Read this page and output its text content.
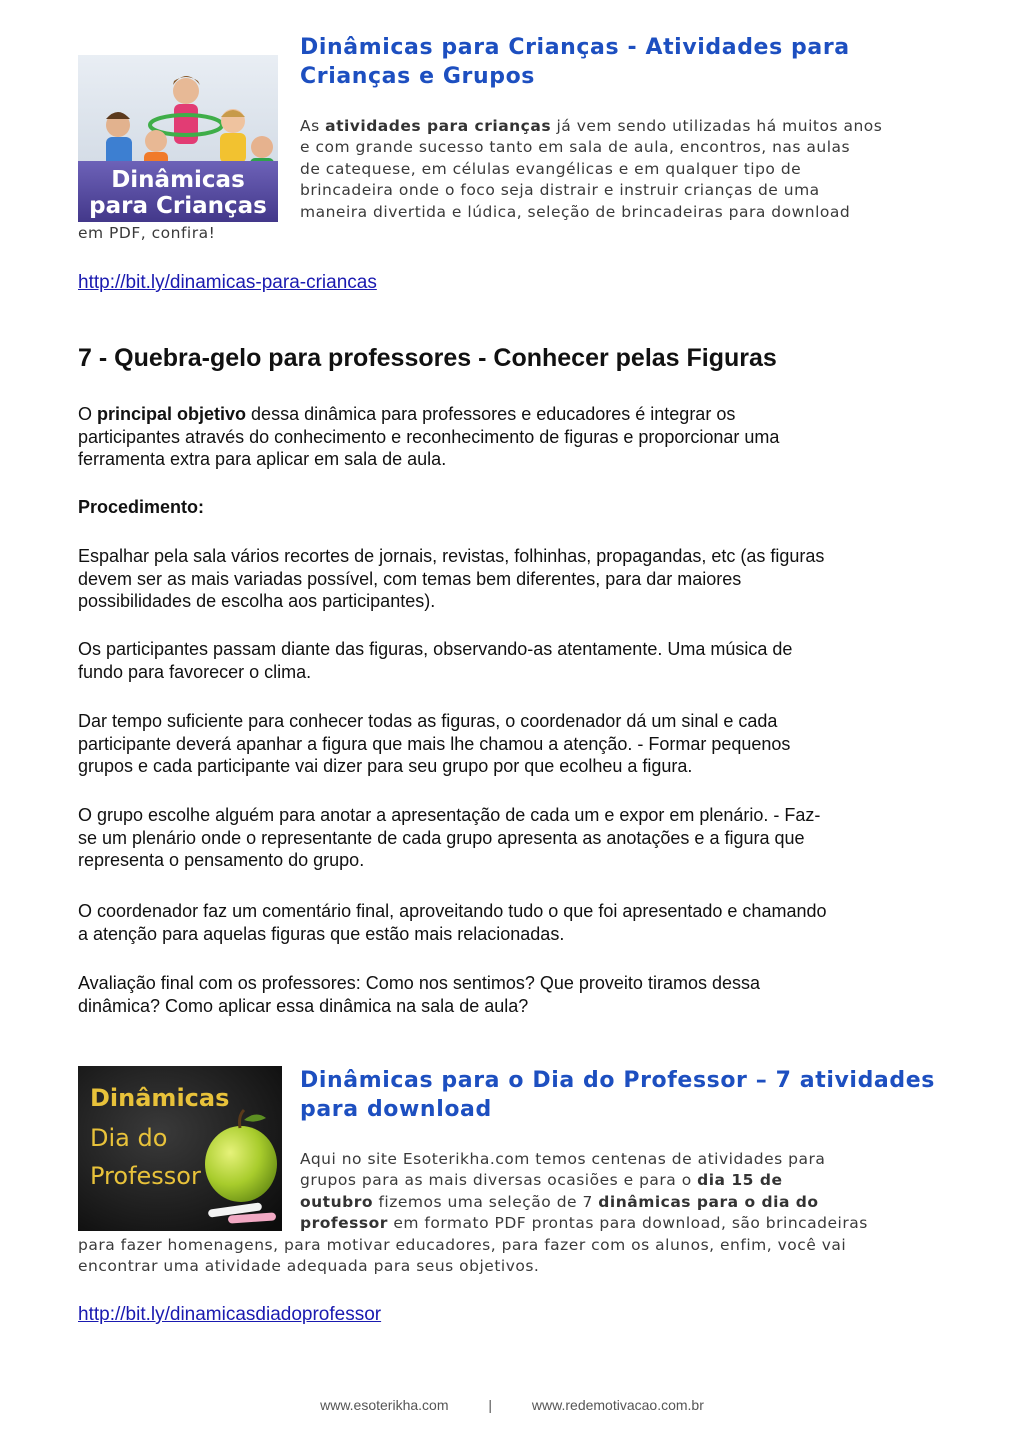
Dinâmicas
para Crianças
Dinâmicas para Crianças - Atividades para
Crianças e Grupos
As atividades para crianças já vem sendo utilizadas há muitos anos
e com grande sucesso tanto em sala de aula, encontros, nas aulas
de catequese, em células evangélicas e em qualquer tipo de
brincadeira onde o foco seja distrair e instruir crianças de uma
maneira divertida e lúdica, seleção de brincadeiras para download
em PDF, confira!

http://bit.ly/dinamicas-para-criancas

7 - Quebra-gelo para professores - Conhecer pelas Figuras
O principal objetivo dessa dinâmica para professores e educadores é integrar os
participantes através do conhecimento e reconhecimento de figuras e proporcionar uma
ferramenta extra para aplicar em sala de aula.
Procedimento:
Espalhar pela sala vários recortes de jornais, revistas, folhinhas, propagandas, etc (as figuras
devem ser as mais variadas possível, com temas bem diferentes, para dar maiores
possibilidades de escolha aos participantes).
Os participantes passam diante das figuras, observando-as atentamente. Uma música de
fundo para favorecer o clima.
Dar tempo suficiente para conhecer todas as figuras, o coordenador dá um sinal e cada
participante deverá apanhar a figura que mais lhe chamou a atenção. - Formar pequenos
grupos e cada participante vai dizer para seu grupo por que ecolheu a figura.
O grupo escolhe alguém para anotar a apresentação de cada um e expor em plenário. - Faz-
se um plenário onde o representante de cada grupo apresenta as anotações e a figura que
representa o pensamento do grupo.
O coordenador faz um comentário final, aproveitando tudo o que foi apresentado e chamando
a atenção para aquelas figuras que estão mais relacionadas.
Avaliação final com os professores: Como nos sentimos? Que proveito tiramos dessa
dinâmica? Como aplicar essa dinâmica na sala de aula?
Dinâmicas
Dia do
Professor
Dinâmicas para o Dia do Professor – 7 atividades
para download
Aqui no site Esoterikha.com temos centenas de atividades para
grupos para as mais diversas ocasiões e para o dia 15 de
outubro fizemos uma seleção de 7 dinâmicas para o dia do
professor em formato PDF prontas para download, são brincadeiras
para fazer homenagens, para motivar educadores, para fazer com os alunos, enfim, você vai
encontrar uma atividade adequada para seus objetivos.

http://bit.ly/dinamicasdiadoprofessor

www.esoterikha.com	|	www.redemotivacao.com.br
